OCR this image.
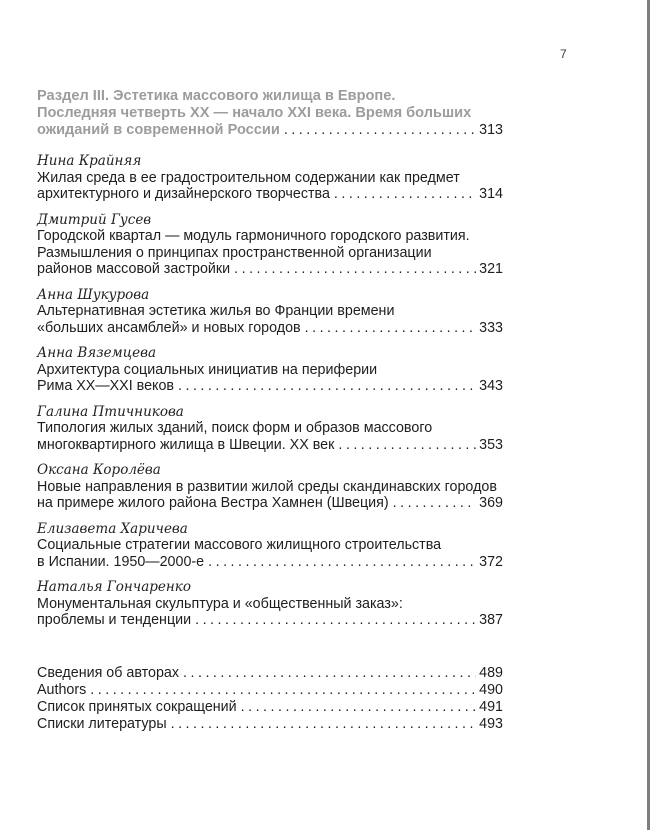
7
Раздел III. Эстетика массового жилища в Европе.
Последняя четверть XX — начало XXI века. Время больших
ожиданий в современной России .....	313
Нина Крайняя
Жилая среда в ее градостроительном содержании как предмет
архитектурного и дизайнерского творчества .....	314
Дмитрий Гусев
Городской квартал — модуль гармоничного городского развития.
Размышления о принципах пространственной организации
районов массовой застройки .....	321
Анна Шукурова
Альтернативная эстетика жилья во Франции времени
«больших ансамблей» и новых городов .....	333
Анна Вяземцева
Архитектура социальных инициатив на периферии
Рима XX—XXI веков .....	343
Галина Птичникова
Типология жилых зданий, поиск форм и образов массового
многоквартирного жилища в Швеции. XX век .....	353
Оксана Королёва
Новые направления в развитии жилой среды скандинавских городов
на примере жилого района Вестра Хамнен (Швеция) .....	369
Елизавета Харичева
Социальные стратегии массового жилищного строительства
в Испании. 1950—2000-е .....	372
Наталья Гончаренко
Монументальная скульптура и «общественный заказ»:
проблемы и тенденции .....	387
Сведения об авторах .....	489
Authors .....	490
Список принятых сокращений .....	491
Списки литературы .....	493
